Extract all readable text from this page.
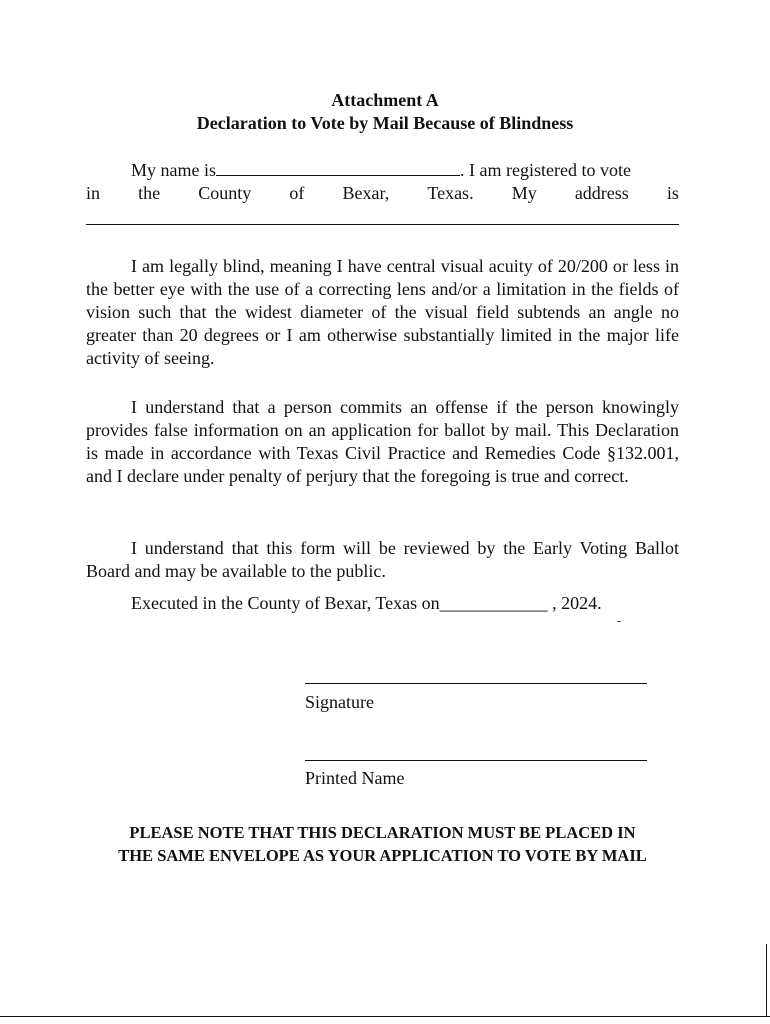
Attachment A
Declaration to Vote by Mail Because of Blindness
My name is	. I am registered to vote
in the County of Bexar, Texas. My address is
I am legally blind, meaning I have central visual acuity of 20/200 or less in the better eye with the use of a correcting lens and/or a limitation in the fields of vision such that the widest diameter of the visual field subtends an angle no greater than 20 degrees or I am otherwise substantially limited in the major life activity of seeing.
I understand that a person commits an offense if the person knowingly provides false information on an application for ballot by mail. This Declaration is made in accordance with Texas Civil Practice and Remedies Code §132.001, and I declare under penalty of perjury that the foregoing is true and correct.
I understand that this form will be reviewed by the Early Voting Ballot Board and may be available to the public.
Executed in the County of Bexar, Texas on____________ , 2024.
Signature
Printed Name
PLEASE NOTE THAT THIS DECLARATION MUST BE PLACED IN
THE SAME ENVELOPE AS YOUR APPLICATION TO VOTE BY MAIL
